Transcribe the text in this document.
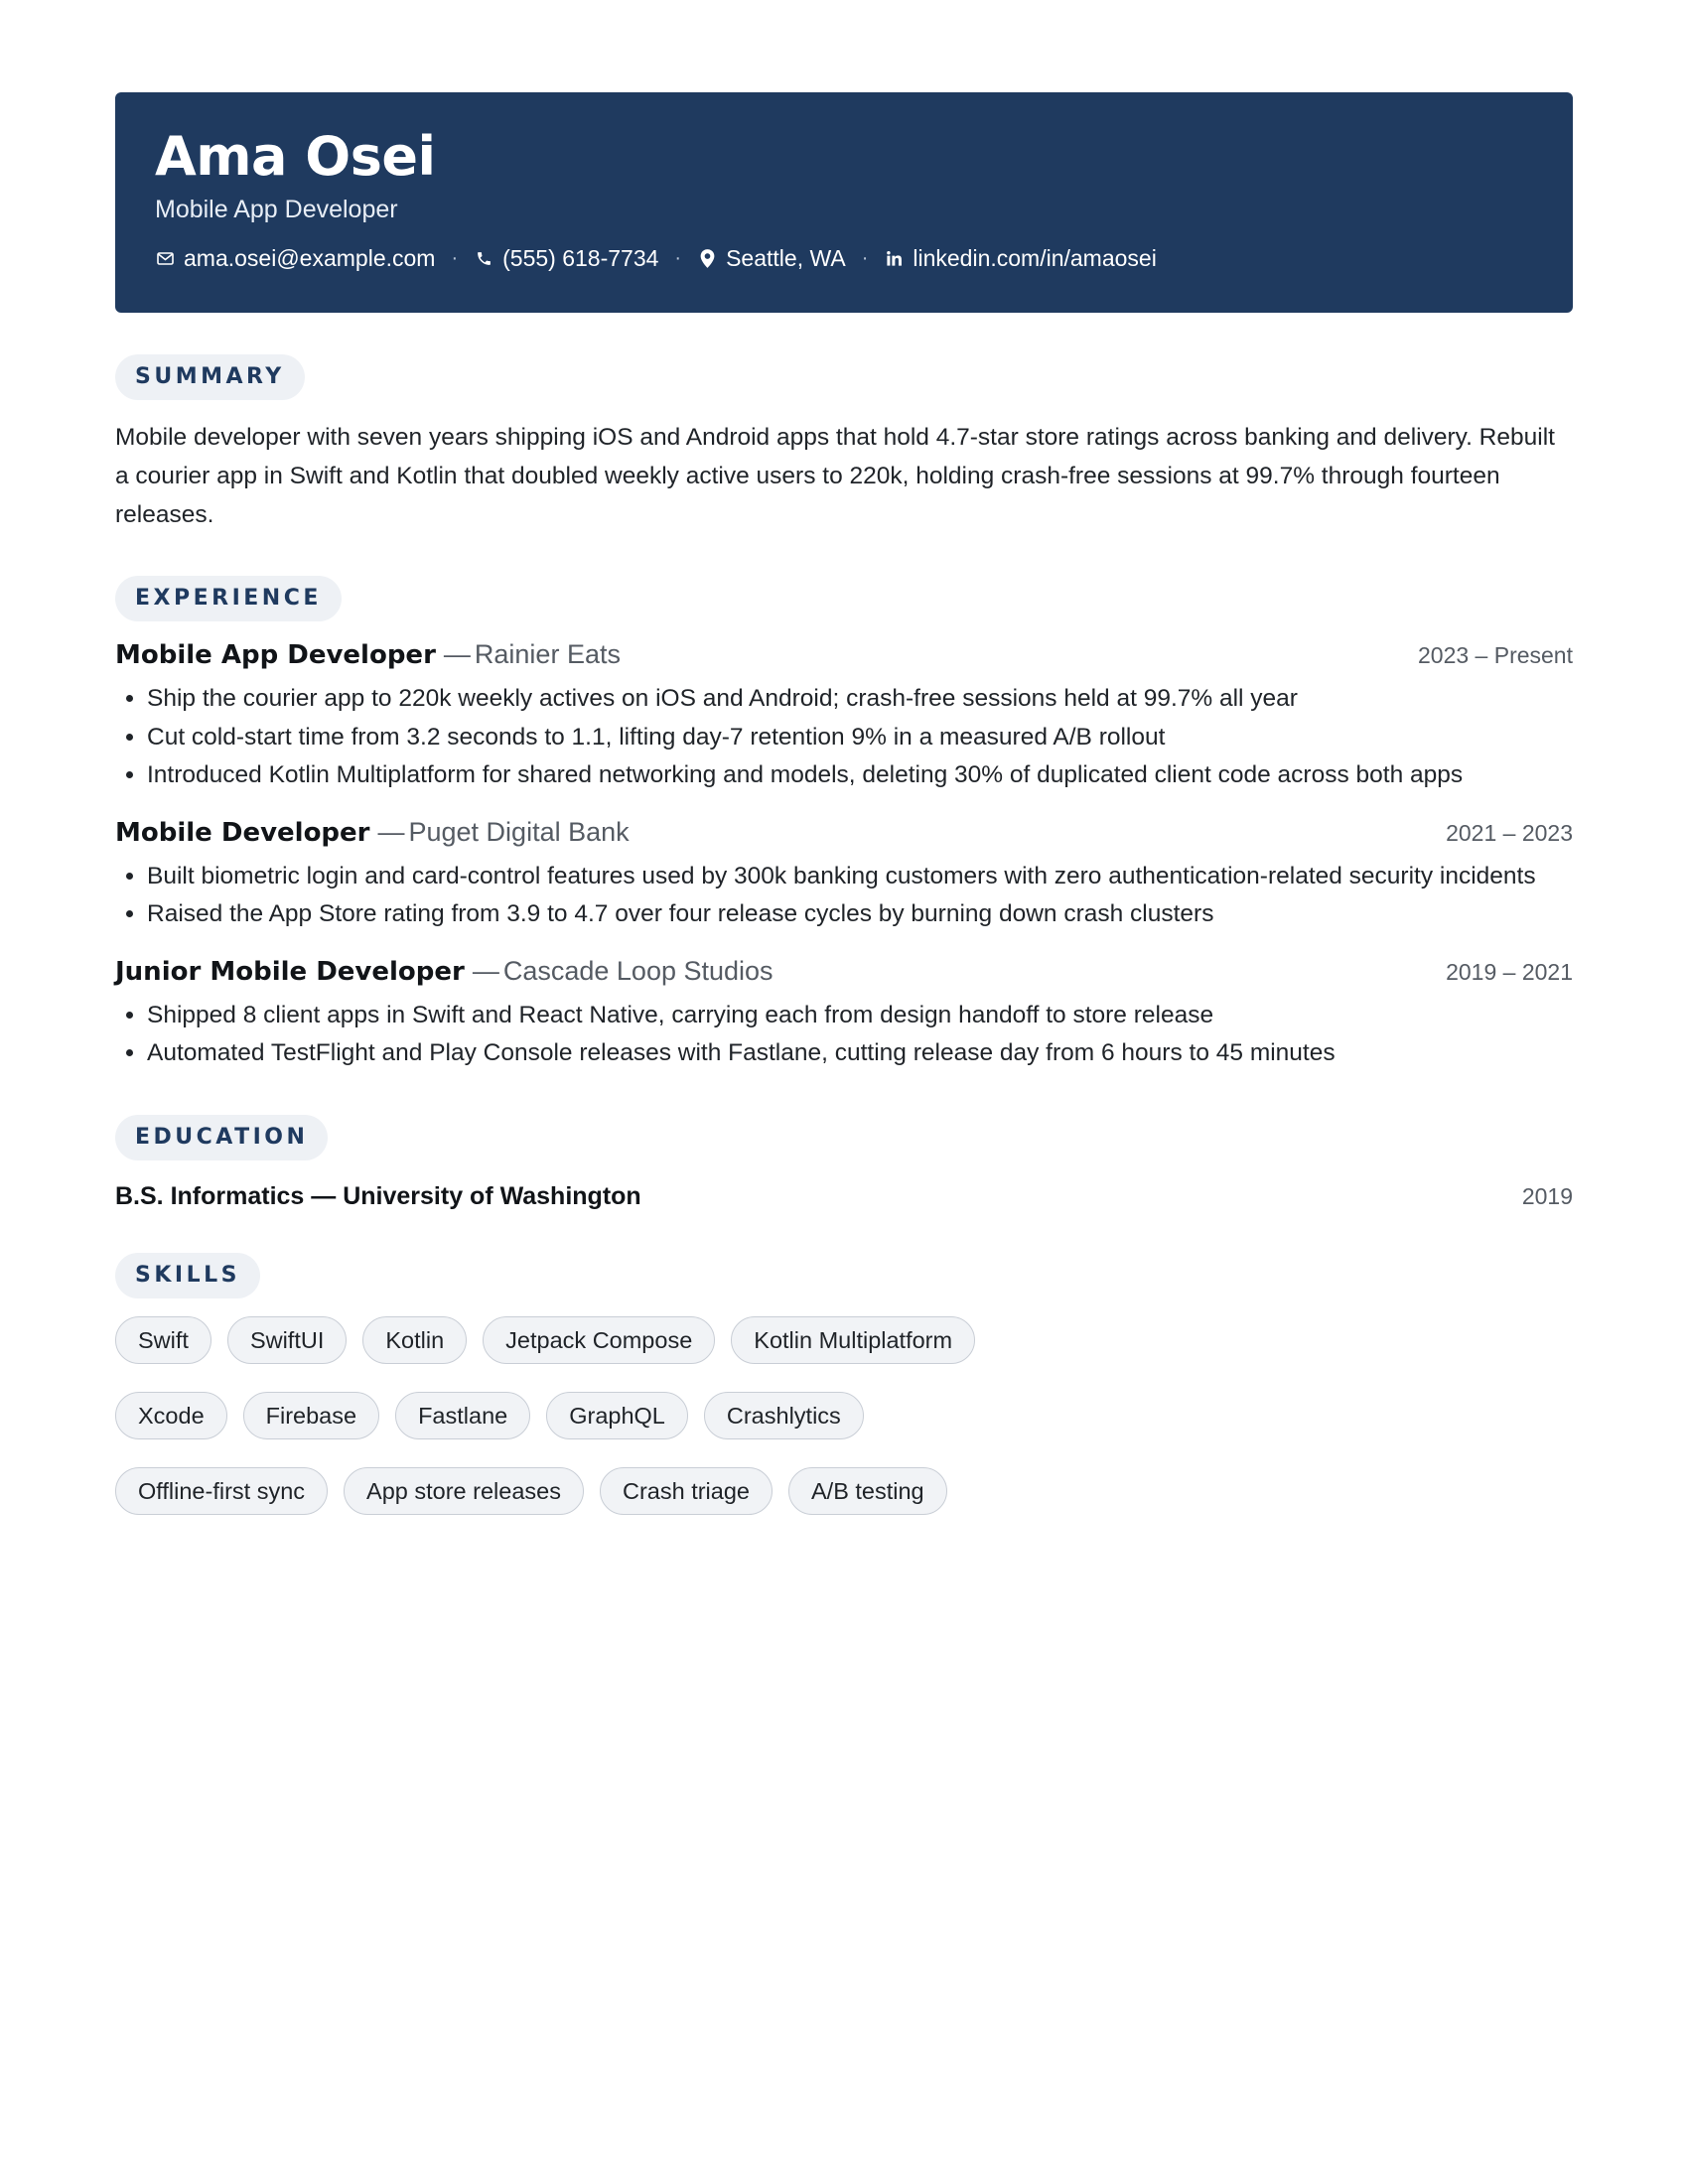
Ama Osei
Mobile App Developer
ama.osei@example.com · (555) 618-7734 · Seattle, WA · linkedin.com/in/amaosei
SUMMARY
Mobile developer with seven years shipping iOS and Android apps that hold 4.7-star store ratings across banking and delivery. Rebuilt a courier app in Swift and Kotlin that doubled weekly active users to 220k, holding crash-free sessions at 99.7% through fourteen releases.
EXPERIENCE
Mobile App Developer — Rainier Eats	2023 – Present
• Ship the courier app to 220k weekly actives on iOS and Android; crash-free sessions held at 99.7% all year
• Cut cold-start time from 3.2 seconds to 1.1, lifting day-7 retention 9% in a measured A/B rollout
• Introduced Kotlin Multiplatform for shared networking and models, deleting 30% of duplicated client code across both apps
Mobile Developer — Puget Digital Bank	2021 – 2023
• Built biometric login and card-control features used by 300k banking customers with zero authentication-related security incidents
• Raised the App Store rating from 3.9 to 4.7 over four release cycles by burning down crash clusters
Junior Mobile Developer — Cascade Loop Studios	2019 – 2021
• Shipped 8 client apps in Swift and React Native, carrying each from design handoff to store release
• Automated TestFlight and Play Console releases with Fastlane, cutting release day from 6 hours to 45 minutes
EDUCATION
B.S. Informatics — University of Washington	2019
SKILLS
Swift	SwiftUI	Kotlin	Jetpack Compose	Kotlin Multiplatform
Xcode	Firebase	Fastlane	GraphQL	Crashlytics
Offline-first sync	App store releases	Crash triage	A/B testing
